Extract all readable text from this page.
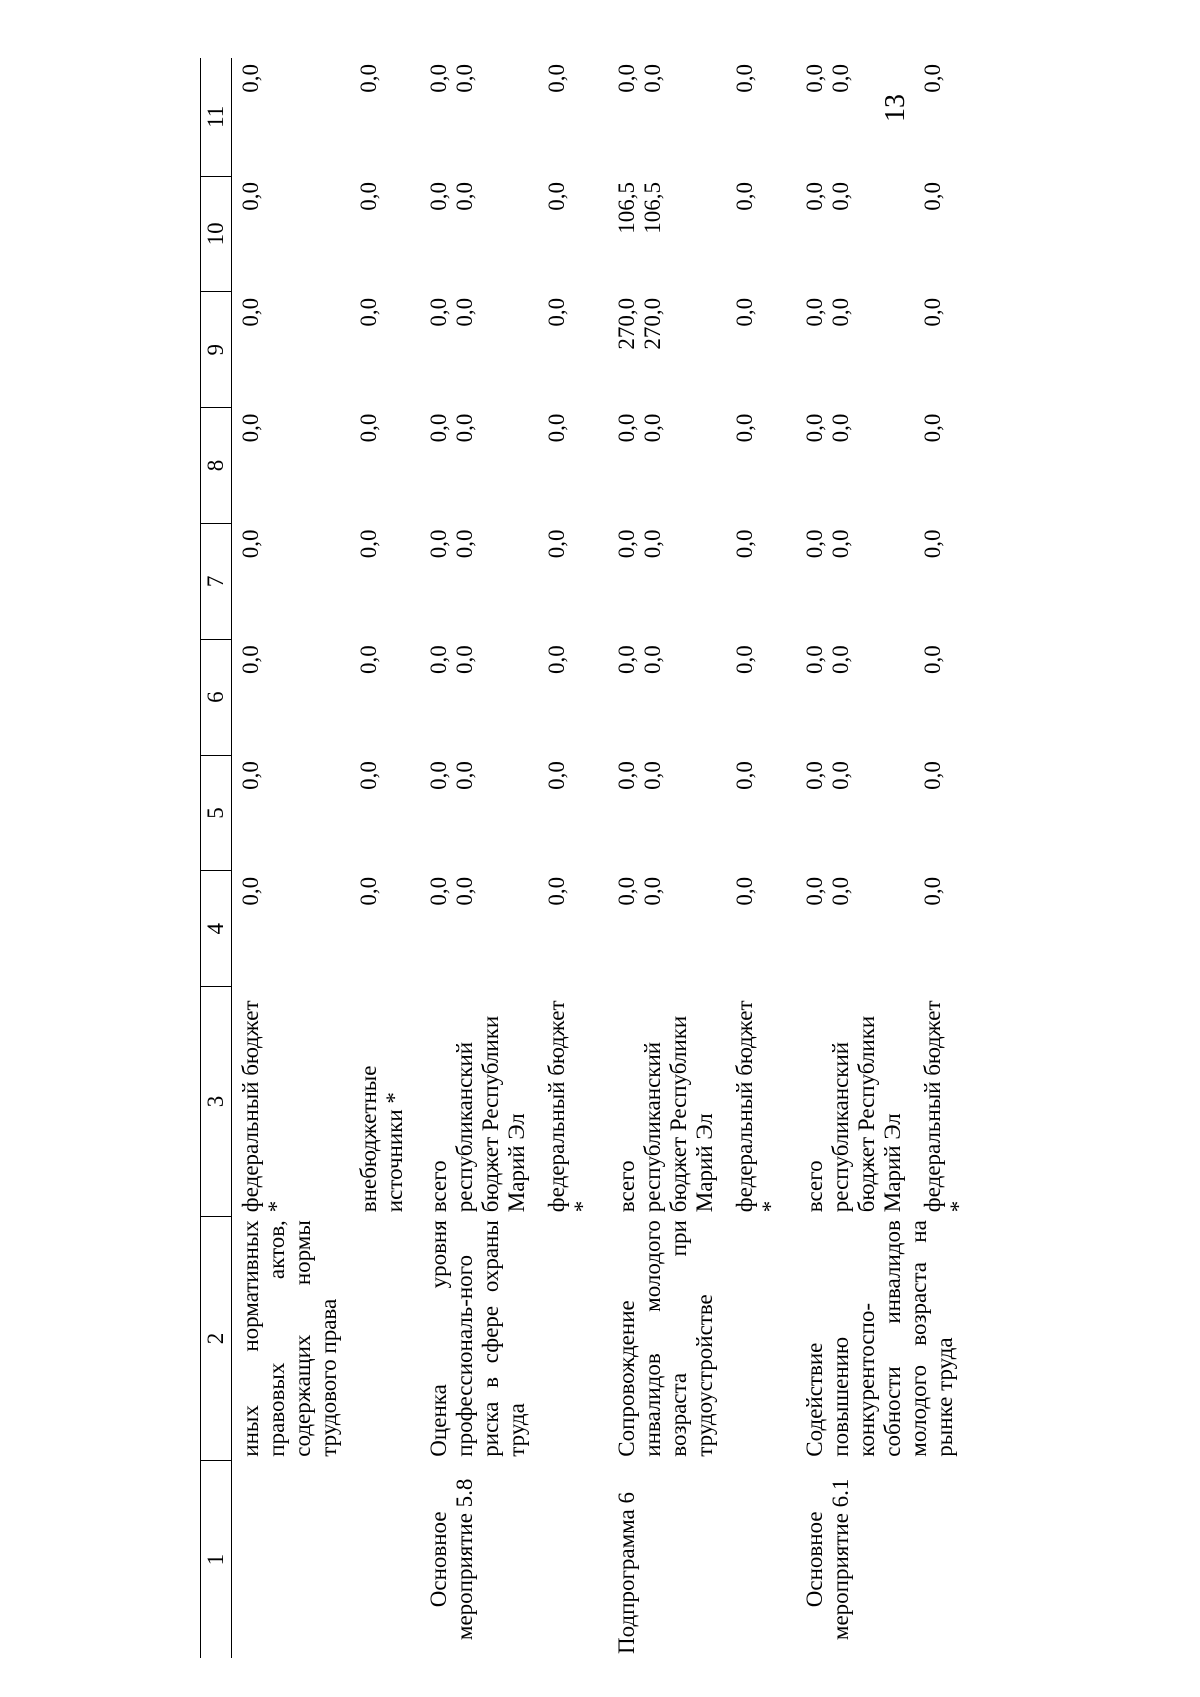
13
1	2	3	4	5	6	7	8	9	10	11
	иных нормативных правовых актов, содержащих нормы трудового права	федеральный бюджет *	0,0	0,0	0,0	0,0	0,0	0,0	0,0	0,0
		внебюджетные источники *	0,0	0,0	0,0	0,0	0,0	0,0	0,0	0,0
Основное мероприятие 5.8	Оценка уровня профессиональ-ного риска в сфере охраны труда	всего	0,0	0,0	0,0	0,0	0,0	0,0	0,0	0,0
		республиканский бюджет Республики Марий Эл	0,0	0,0	0,0	0,0	0,0	0,0	0,0	0,0
		федеральный бюджет *	0,0	0,0	0,0	0,0	0,0	0,0	0,0	0,0
Подпрограмма 6	Сопровождение инвалидов молодого возраста при трудоустройстве	всего	0,0	0,0	0,0	0,0	0,0	270,0	106,5	0,0
		республиканский бюджет Республики Марий Эл	0,0	0,0	0,0	0,0	0,0	270,0	106,5	0,0
		федеральный бюджет *	0,0	0,0	0,0	0,0	0,0	0,0	0,0	0,0
Основное мероприятие 6.1	Содействие повышению конкурентоспо-собности инвалидов молодого возраста на рынке труда	всего	0,0	0,0	0,0	0,0	0,0	0,0	0,0	0,0
		республиканский бюджет Республики Марий Эл	0,0	0,0	0,0	0,0	0,0	0,0	0,0	0,0
		федеральный бюджет *	0,0	0,0	0,0	0,0	0,0	0,0	0,0	0,0
